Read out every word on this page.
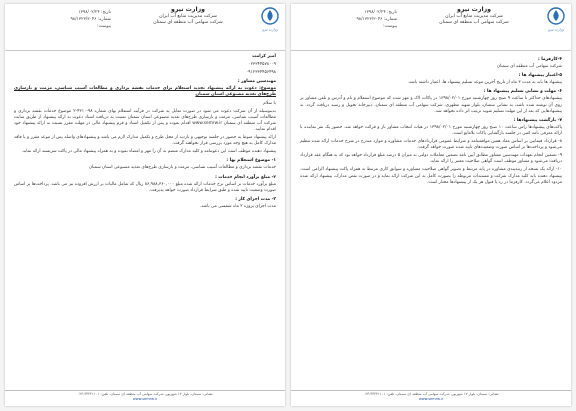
وزارت نیرو
وزارت نیرو
شرکت مدیریت منابع آب ایران
شرکت سهامی آب منطقه ای سمنان
تاریخ: ۱۳۹۸/۰۲/۲۴
شماره: ۹۸/۱۳۲۳/۳۰۴۶
پیوست:

امیر کرامت

۰۲۳۳۴۴۵۷۸۰۰۹

۰۹۱۲۳۳۴۴۵۶۴۹۸

مهندسین مشاور :

موضوع: دعوت به ارائه پیشنهاد تجدید استعلام برای خدمات نقشه برداری و مطالعات آسیب شناسی، مرمت و بازسازی طرح‌های تغذیه مصنوعی استان سمنان

با سلام

بدینوسیله از آن شرکت دعوت می شود در صورت تمایل به شرکت در فرآیند استعلام بهای شماره ۹۸-۴۳۱۰-۲ موضوع خدمات نقشه برداری و مطالعات آسیب شناسی، مرمت و بازسازی طرح‌های تغذیه مصنوعی استان سمنان نسبت به دریافت اسناد دعوت به ارائه پیشنهاد از طریق سایت شرکت آب منطقه ای سمنان www.semrw.ir اقدام نموده و پس از تکمیل اسناد و فرم پیشنهاد مالی در مهلت مقرر نسبت به ارائه پیشنهاد خود اقدام نمایند.

ارائه پیشنهاد منوط به حضور در جلسه توجیهی و بازدید از محل طرح و تکمیل مدارک لازم می باشد و پیشنهادهای واصله پس از موعد مقرر و یا فاقد مدارک کامل به هیچ وجه مورد بررسی قرار نخواهند گرفت.

پیشنهاد دهنده موظف است این دعوتنامه و کلیه مدارک منضم به آن را مهر و امضاء نموده و به همراه پیشنهاد مالی در پاکت سربسته ارائه نماید.

۱- موضوع استعلام بها :

خدمات نقشه برداری و مطالعات آسیب شناسی، مرمت و بازسازی طرح‌های تغذیه مصنوعی استان سمنان

۲- مبلغ برآورد انجام خدمات :

مبلغ برآورد خدمات بر اساس نرخ خدمات ارائه شده مبلغ ۸۶,۹۸۸,۳۶۰,۰۰۰ ریال که شامل مالیات بر ارزش افزوده نیز می باشد. پرداخت‌ها بر اساس صورت وضعیت تایید شده و طبق شرایط قرارداد صورت خواهد پذیرفت.

۳- مدت اجرای کار :

مدت اجرای پروژه ۲ ماه شمسی می باشد.

نشانی: سمنان، بلوار ۱۷ شهریور، شرکت سهامی آب منطقه ای سمنان، تلفن: ۳۳۴۴۱۱۰۱-۰۲۳
www.semrw.ir
وزارت نیرو
وزارت نیرو
شرکت مدیریت منابع آب ایران
شرکت سهامی آب منطقه ای سمنان
تاریخ: ۱۳۹۸/۰۲/۲۴
شماره: ۹۸/۱۳۲۳/۳۰۴۶
پیوست:

۴-کارفرما :

شرکت سهامی آب منطقه ای سمنان

۵-اعتبار پیشنهاد ها :

پیشنهاد ها باید به مدت ۳ ماه از تاریخ آخرین موعد تسلیم پیشنهاد ها، اعتبار داشته باشد.

۶- مهلت و نشانی تسلیم پیشنهاد ها :

پیشنهادهای حداکثر تا ساعت ۹ صبح روز چهارشنبه مورخ ۱۳۹۸/۰۲/۰۱ در پاکات لاک و مهر شده که موضوع استعلام و نام و آدرس و تلفن مشاور بر روی آن نوشته شده باشد، به نشانی سمنان، بلوار شهید مطهری، شرکت سهامی آب منطقه ای سمنان، دبیرخانه تحویل و رسید دریافت گردد. به پیشنهادهایی که بعد از این مهلت تسلیم شوند ترتیب اثر داده نخواهد شد.

۷- بازگشت پیشنهادها :

پاکت‌های پیشنهادها راس ساعت ۱۰ صبح روز چهارشنبه مورخ ۱۳۹۸/۰۲/۰۱ در هیات انتخاب مشاور باز و قرائت خواهد شد. حضور یک نفر نماینده با ارائه معرفی نامه کتبی در جلسه بازگشایی پاکات بلامانع است.

۸- قرارداد فیمابین بر اساس مفاد همین موافقتنامه و شرایط عمومی قراردادهای خدمات مشاوره و موارد مندرج در شرح خدمات ارائه شده تنظیم می‌شود و پرداخت‌ها بر اساس صورت وضعیت‌های تایید شده صورت خواهد گرفت.

۹- تضمین انجام تعهدات مهندسین مشاور مطابق آیین نامه تضمین معاملات دولتی به میزان ۵ درصد مبلغ قرارداد خواهد بود که به هنگام عقد قرارداد دریافت می‌شود و مشاور موظف است گواهی صلاحیت معتبر را ارائه نماید.

۱۰- ارائه یک نسخه از رتبه‌بندی مشاوره در پایه مرتبط و تصویر گواهی صلاحیت مشاوره و سوابق کاری مرتبط به همراه پاکت پیشنهاد الزامی است. پیشنهاد دهنده باید کلیه مدارک شرکت و مستندات مربوطه را بصورت کامل به این شرکت ارائه نماید و در صورت نقص مدارک، پیشنهاد ارائه شده مردود اعلام می‌گردد. کارفرما در رد یا قبول هر یک از پیشنهادها مختار است.

نشانی: سمنان، بلوار ۱۷ شهریور، شرکت سهامی آب منطقه ای سمنان، تلفن: ۳۳۴۴۱۱۰۱-۰۲۳
www.semrw.ir
